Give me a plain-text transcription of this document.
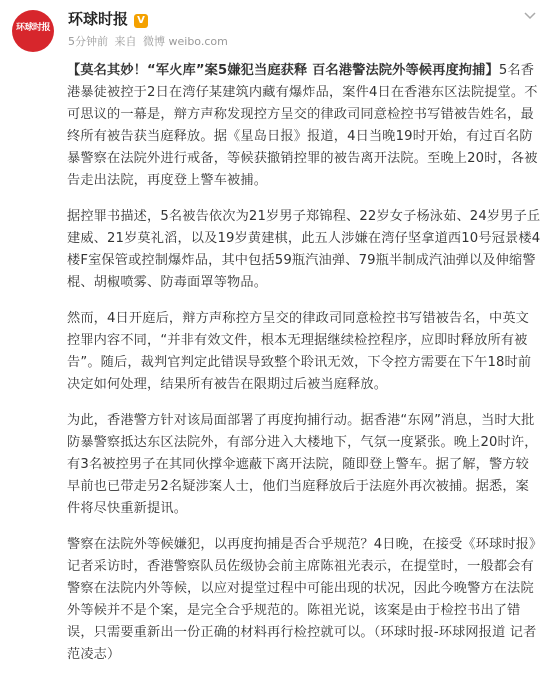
环球时报 环球时报 V
5分钟前 来自 微博 weibo.com

【莫名其妙！“军火库”案5嫌犯当庭获释 百名港警法院外等候再度拘捕】5名香港暴徒被控于2日在湾仔某建筑内藏有爆炸品，案件4日在香港东区法院提堂。不可思议的一幕是，辩方声称发现控方呈交的律政司同意检控书写错被告姓名，最终所有被告获当庭释放。据《星岛日报》报道，4日当晚19时开始，有过百名防暴警察在法院外进行戒备，等候获撤销控罪的被告离开法院。至晚上20时，各被告走出法院，再度登上警车被捕。

据控罪书描述，5名被告依次为21岁男子郑锦程、22岁女子杨泳茹、24岁男子丘建威、21岁莫礼滔，以及19岁黄建棋，此五人涉嫌在湾仔坚拿道西10号冠景楼4楼F室保管或控制爆炸品，其中包括59瓶汽油弹、79瓶半制成汽油弹以及伸缩警棍、胡椒喷雾、防毒面罩等物品。

然而，4日开庭后，辩方声称控方呈交的律政司同意检控书写错被告名，中英文控罪内容不同，“并非有效文件，根本无理据继续检控程序，应即时释放所有被告”。随后，裁判官判定此错误导致整个聆讯无效，下令控方需要在下午18时前决定如何处理，结果所有被告在限期过后被当庭释放。

为此，香港警方针对该局面部署了再度拘捕行动。据香港“东网”消息，当时大批防暴警察抵达东区法院外，有部分进入大楼地下，气氛一度紧张。晚上20时许，有3名被控男子在其同伙撑伞遮蔽下离开法院，随即登上警车。据了解，警方较早前也已带走另2名疑涉案人士，他们当庭释放后于法庭外再次被捕。据悉，案件将尽快重新提讯。

警察在法院外等候嫌犯，以再度拘捕是否合乎规范？4日晚，在接受《环球时报》记者采访时，香港警察队员佐级协会前主席陈祖光表示，在提堂时，一般都会有警察在法院内外等候，以应对提堂过程中可能出现的状况，因此今晚警方在法院外等候并不是个案，是完全合乎规范的。陈祖光说，该案是由于检控书出了错误，只需要重新出一份正确的材料再行检控就可以。（环球时报-环球网报道 记者范凌志）
